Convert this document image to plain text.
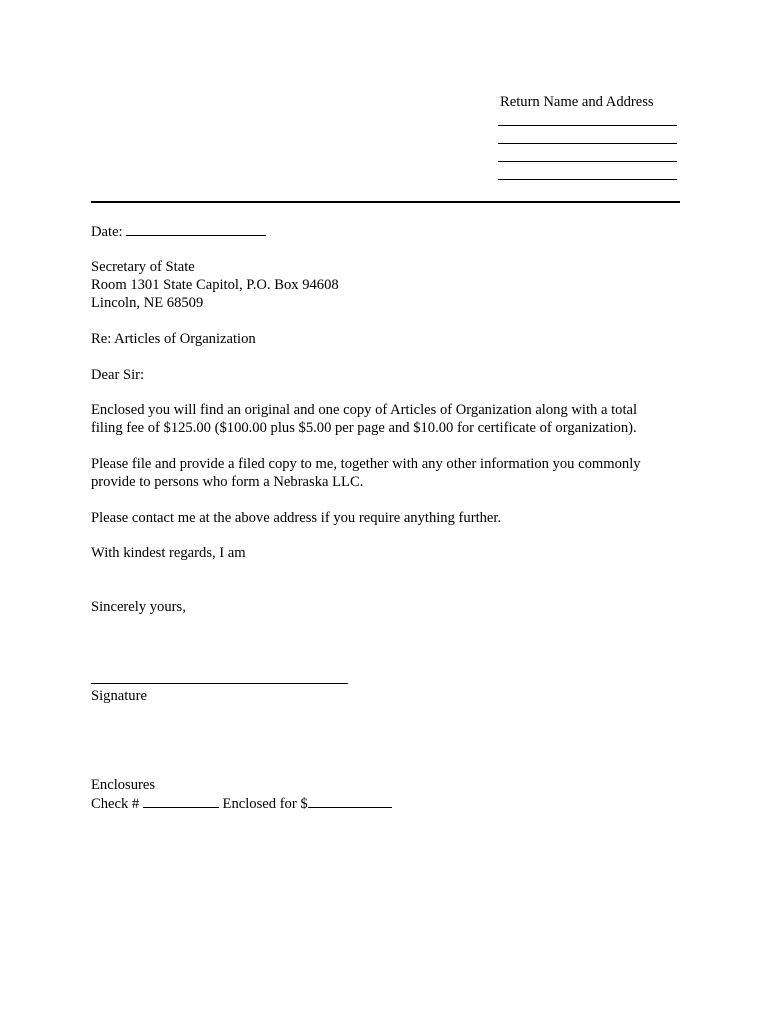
Return Name and Address
Date:
Secretary of State
Room 1301 State Capitol, P.O. Box 94608
Lincoln, NE 68509
Re: Articles of Organization
Dear Sir:
Enclosed you will find an original and one copy of Articles of Organization along with a total
filing fee of $125.00 ($100.00 plus $5.00 per page and $10.00 for certificate of organization).
Please file and provide a filed copy to me, together with any other information you commonly
provide to persons who form a Nebraska LLC.
Please contact me at the above address if you require anything further.
With kindest regards, I am
Sincerely yours,
Signature
Enclosures
Check #	Enclosed for $
